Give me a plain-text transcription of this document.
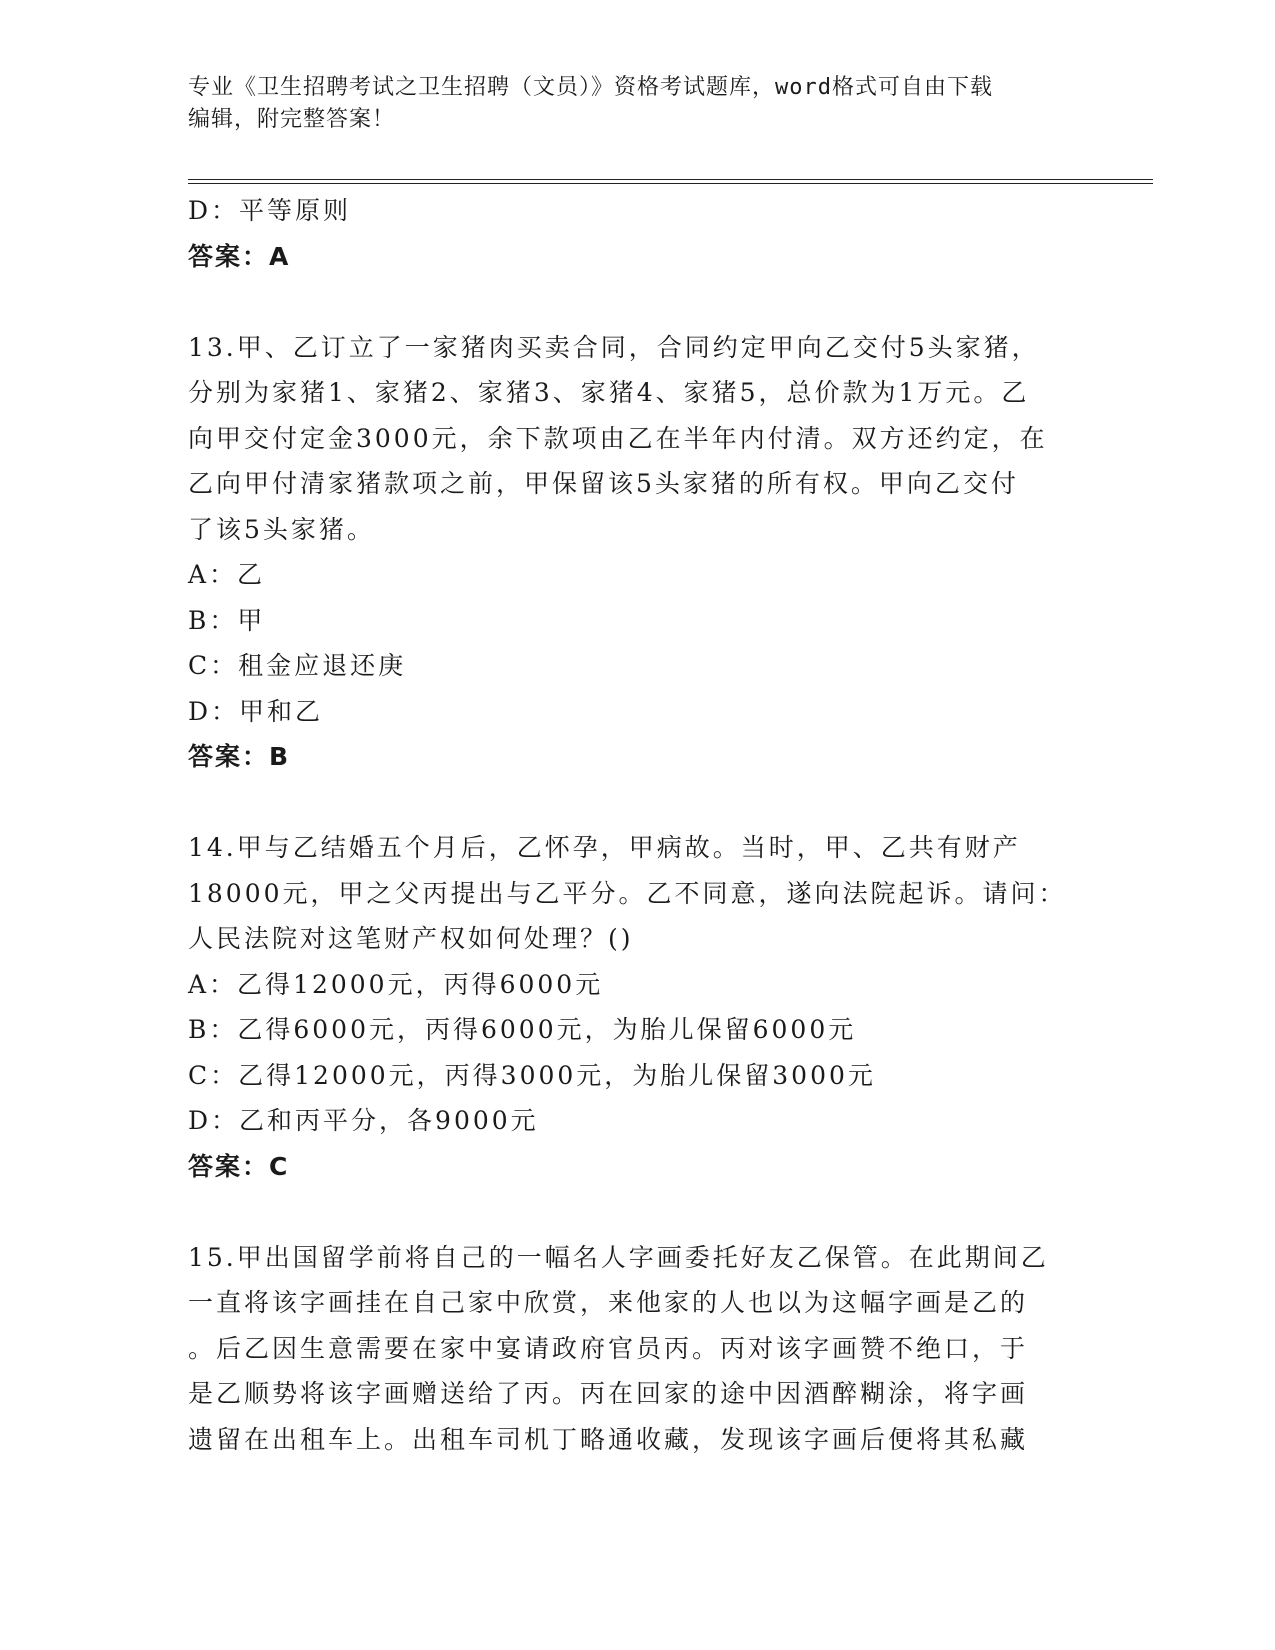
专业《卫生招聘考试之卫生招聘（文员）》资格考试题库，word格式可自由下载
编辑，附完整答案！
D：平等原则
答案：A
13.甲、乙订立了一家猪肉买卖合同，合同约定甲向乙交付5头家猪，
分别为家猪1、家猪2、家猪3、家猪4、家猪5，总价款为1万元。乙
向甲交付定金3000元，余下款项由乙在半年内付清。双方还约定，在
乙向甲付清家猪款项之前，甲保留该5头家猪的所有权。甲向乙交付
了该5头家猪。
A：乙
B：甲
C：租金应退还庚
D：甲和乙
答案：B
14.甲与乙结婚五个月后，乙怀孕，甲病故。当时，甲、乙共有财产
18000元，甲之父丙提出与乙平分。乙不同意，遂向法院起诉。请问：
人民法院对这笔财产权如何处理？()
A：乙得12000元，丙得6000元
B：乙得6000元，丙得6000元，为胎儿保留6000元
C：乙得12000元，丙得3000元，为胎儿保留3000元
D：乙和丙平分，各9000元
答案：C
15.甲出国留学前将自己的一幅名人字画委托好友乙保管。在此期间乙
一直将该字画挂在自己家中欣赏，来他家的人也以为这幅字画是乙的
。后乙因生意需要在家中宴请政府官员丙。丙对该字画赞不绝口，于
是乙顺势将该字画赠送给了丙。丙在回家的途中因酒醉糊涂，将字画
遗留在出租车上。出租车司机丁略通收藏，发现该字画后便将其私藏
